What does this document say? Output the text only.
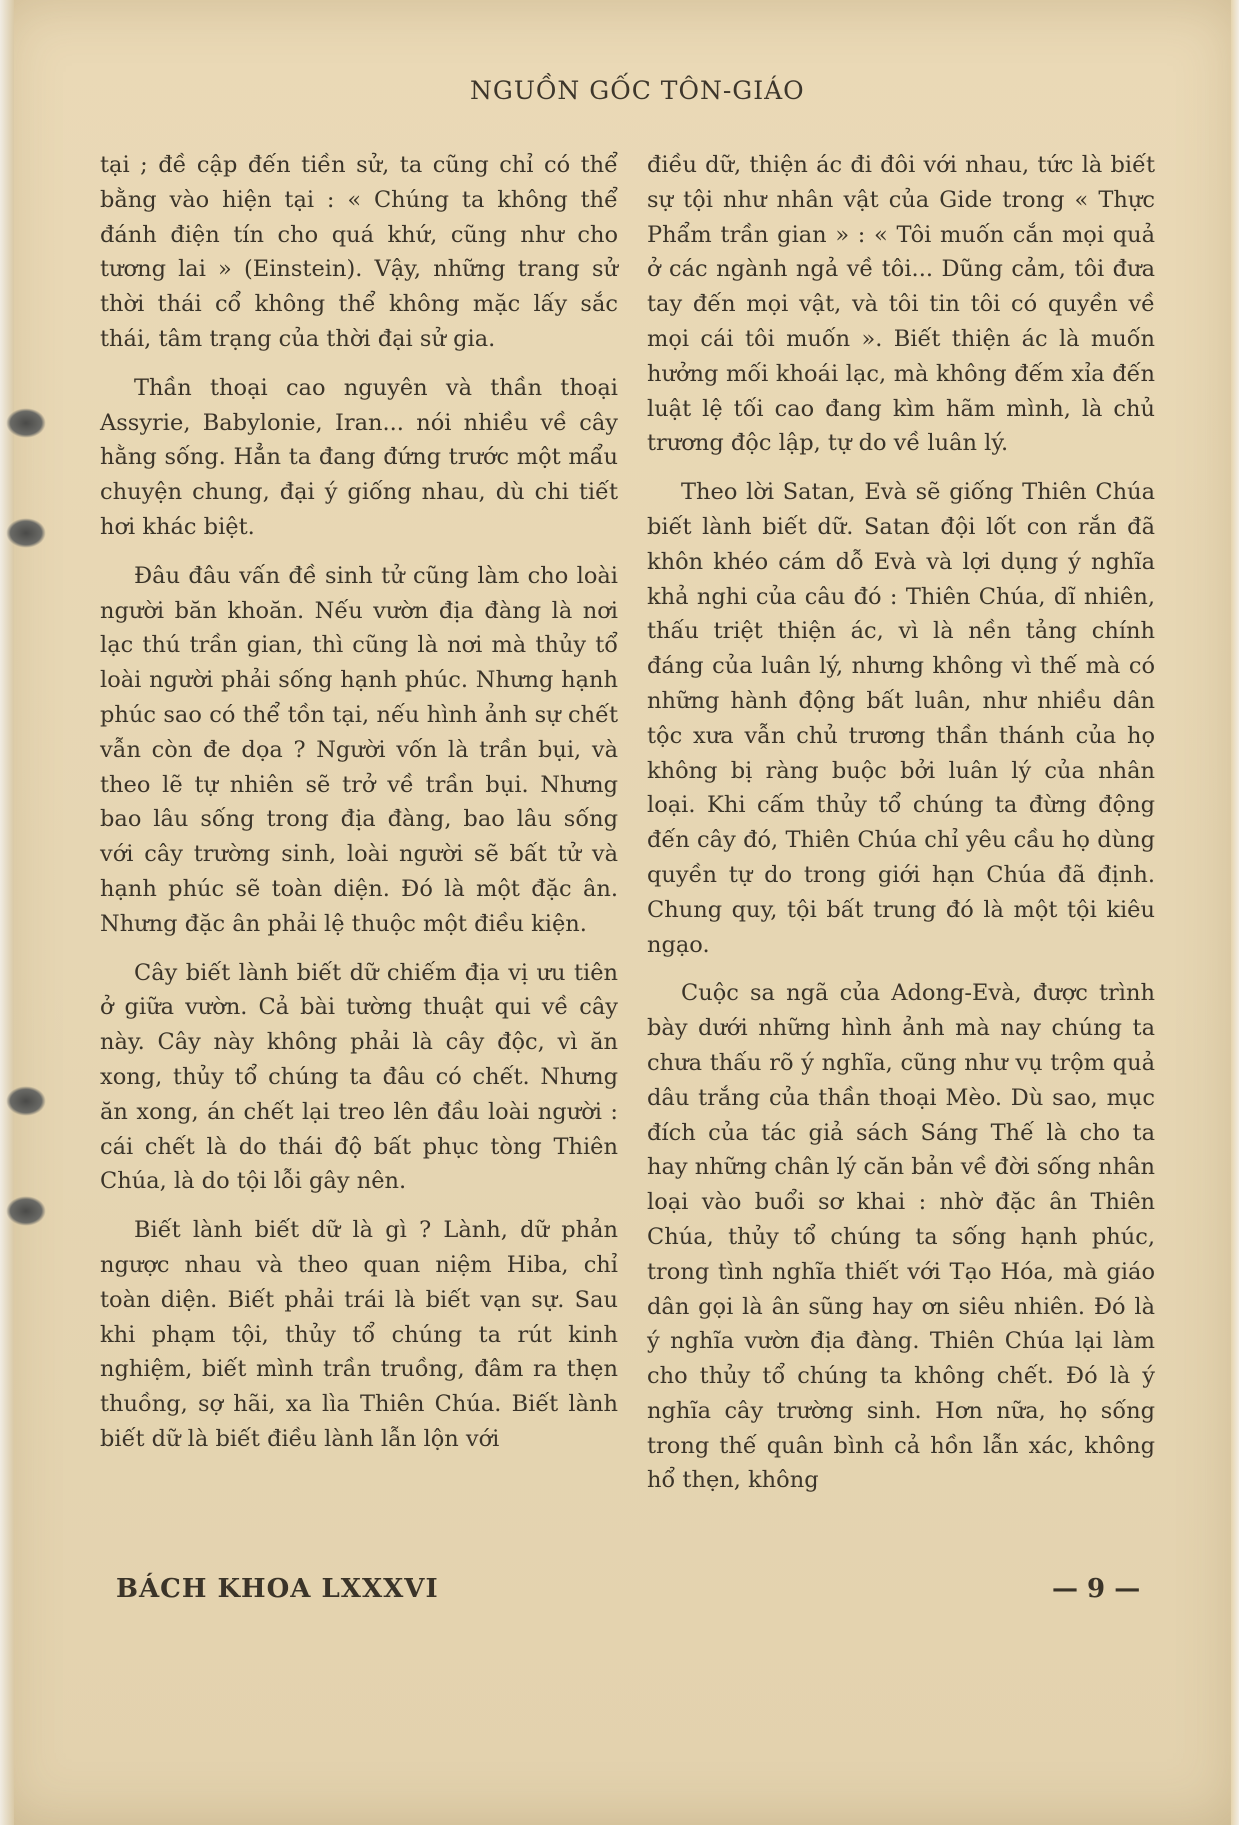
NGUỒN GỐC TÔN-GIÁO

tại ; đề cập đến tiền sử, ta cũng chỉ có thể bằng vào hiện tại : « Chúng ta không thể đánh điện tín cho quá khứ, cũng như cho tương lai » (Einstein). Vậy, những trang sử thời thái cổ không thể không mặc lấy sắc thái, tâm trạng của thời đại sử gia.

Thần thoại cao nguyên và thần thoại Assyrie, Babylonie, Iran... nói nhiều về cây hằng sống. Hẳn ta đang đứng trước một mẩu chuyện chung, đại ý giống nhau, dù chi tiết hơi khác biệt.

Đâu đâu vấn đề sinh tử cũng làm cho loài người băn khoăn. Nếu vườn địa đàng là nơi lạc thú trần gian, thì cũng là nơi mà thủy tổ loài người phải sống hạnh phúc. Nhưng hạnh phúc sao có thể tồn tại, nếu hình ảnh sự chết vẫn còn đe dọa ? Người vốn là trần bụi, và theo lẽ tự nhiên sẽ trở về trần bụi. Nhưng bao lâu sống trong địa đàng, bao lâu sống với cây trường sinh, loài người sẽ bất tử và hạnh phúc sẽ toàn diện. Đó là một đặc ân. Nhưng đặc ân phải lệ thuộc một điều kiện.

Cây biết lành biết dữ chiếm địa vị ưu tiên ở giữa vườn. Cả bài tường thuật qui về cây này. Cây này không phải là cây độc, vì ăn xong, thủy tổ chúng ta đâu có chết. Nhưng ăn xong, án chết lại treo lên đầu loài người : cái chết là do thái độ bất phục tòng Thiên Chúa, là do tội lỗi gây nên.

Biết lành biết dữ là gì ? Lành, dữ phản ngược nhau và theo quan niệm Hiba, chỉ toàn diện. Biết phải trái là biết vạn sự. Sau khi phạm tội, thủy tổ chúng ta rút kinh nghiệm, biết mình trần truồng, đâm ra thẹn thuồng, sợ hãi, xa lìa Thiên Chúa. Biết lành biết dữ là biết điều lành lẫn lộn với

điều dữ, thiện ác đi đôi với nhau, tức là biết sự tội như nhân vật của Gide trong « Thực Phẩm trần gian » : « Tôi muốn cắn mọi quả ở các ngành ngả về tôi... Dũng cảm, tôi đưa tay đến mọi vật, và tôi tin tôi có quyền về mọi cái tôi muốn ». Biết thiện ác là muốn hưởng mối khoái lạc, mà không đếm xỉa đến luật lệ tối cao đang kìm hãm mình, là chủ trương độc lập, tự do về luân lý.

Theo lời Satan, Evà sẽ giống Thiên Chúa biết lành biết dữ. Satan đội lốt con rắn đã khôn khéo cám dỗ Evà và lợi dụng ý nghĩa khả nghi của câu đó : Thiên Chúa, dĩ nhiên, thấu triệt thiện ác, vì là nền tảng chính đáng của luân lý, nhưng không vì thế mà có những hành động bất luân, như nhiều dân tộc xưa vẫn chủ trương thần thánh của họ không bị ràng buộc bởi luân lý của nhân loại. Khi cấm thủy tổ chúng ta đừng động đến cây đó, Thiên Chúa chỉ yêu cầu họ dùng quyền tự do trong giới hạn Chúa đã định. Chung quy, tội bất trung đó là một tội kiêu ngạo.

Cuộc sa ngã của Adong-Evà, được trình bày dưới những hình ảnh mà nay chúng ta chưa thấu rõ ý nghĩa, cũng như vụ trộm quả dâu trắng của thần thoại Mèo. Dù sao, mục đích của tác giả sách Sáng Thế là cho ta hay những chân lý căn bản về đời sống nhân loại vào buổi sơ khai : nhờ đặc ân Thiên Chúa, thủy tổ chúng ta sống hạnh phúc, trong tình nghĩa thiết với Tạo Hóa, mà giáo dân gọi là ân sũng hay ơn siêu nhiên. Đó là ý nghĩa vườn địa đàng. Thiên Chúa lại làm cho thủy tổ chúng ta không chết. Đó là ý nghĩa cây trường sinh. Hơn nữa, họ sống trong thế quân bình cả hồn lẫn xác, không hổ thẹn, không

BÁCH KHOA LXXXVI	— 9 —
